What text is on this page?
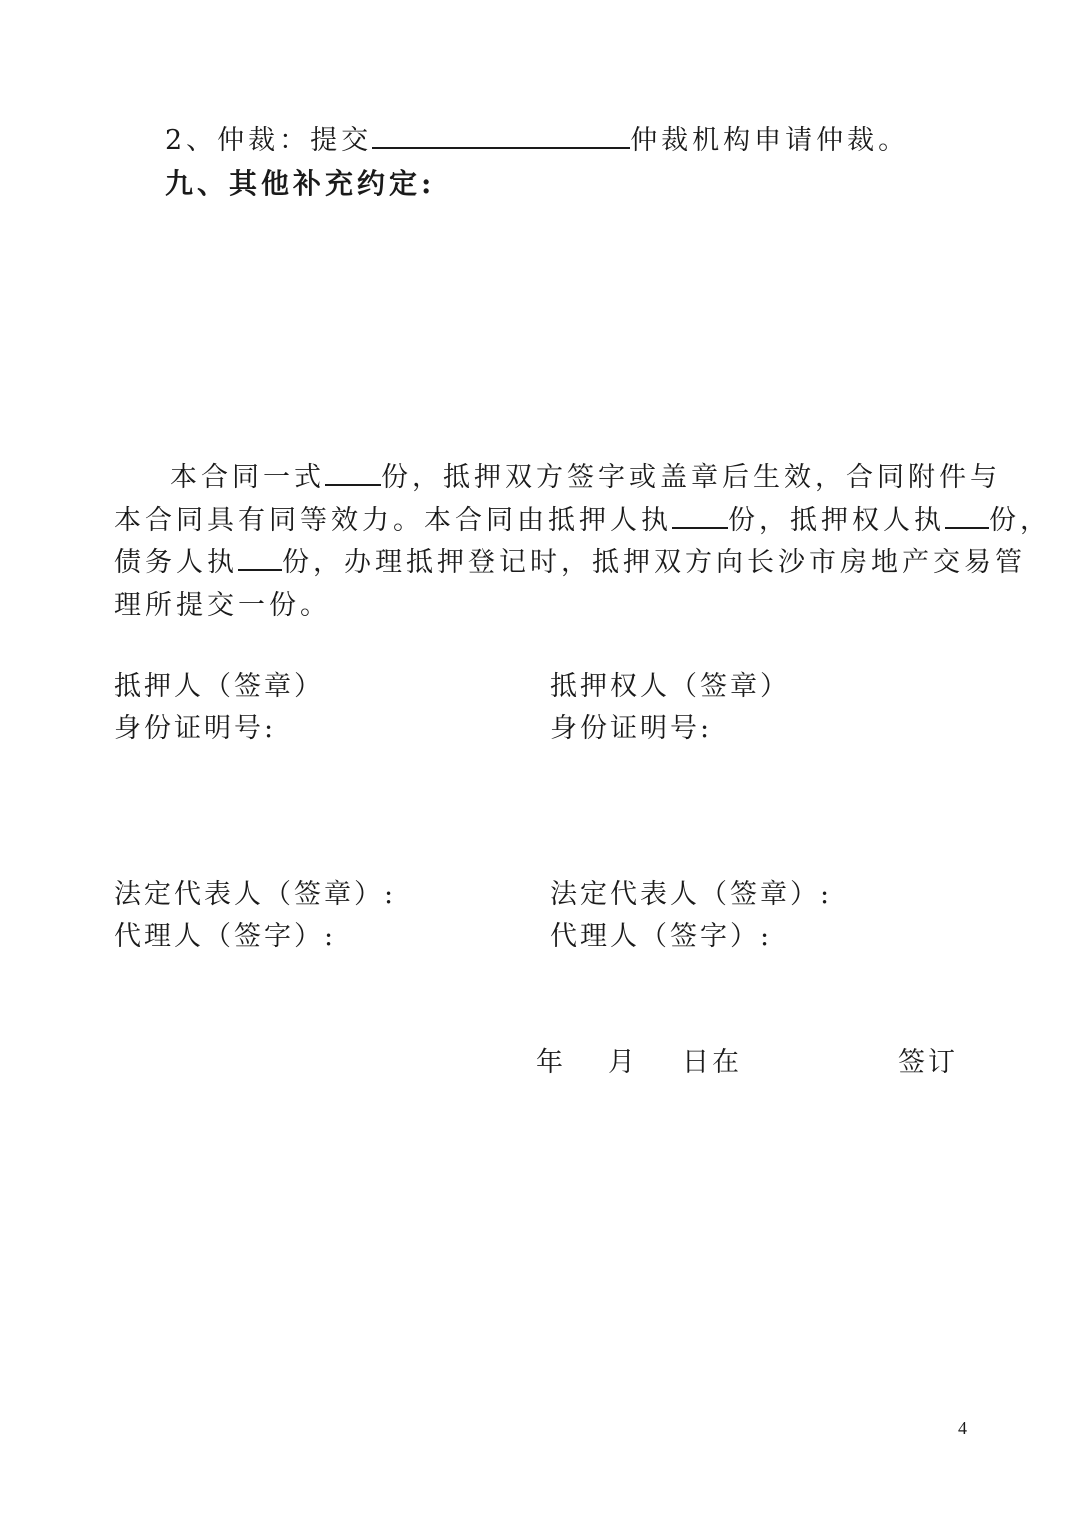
2、仲裁：提交	仲裁机构申请仲裁。
九、其他补充约定:
本合同一式 份，抵押双方签字或盖章后生效，合同附件与
本合同具有同等效力。本合同由抵押人执 份，抵押权人执 份，
债务人执 份，办理抵押登记时，抵押双方向长沙市房地产交易管
理所提交一份。
抵押人（签章）
身份证明号:
法定代表人（签章）:
代理人（签字）:
抵押权人（签章）
身份证明号:
法定代表人（签章）:
代理人（签字）:
年 月 日在	签订
4
